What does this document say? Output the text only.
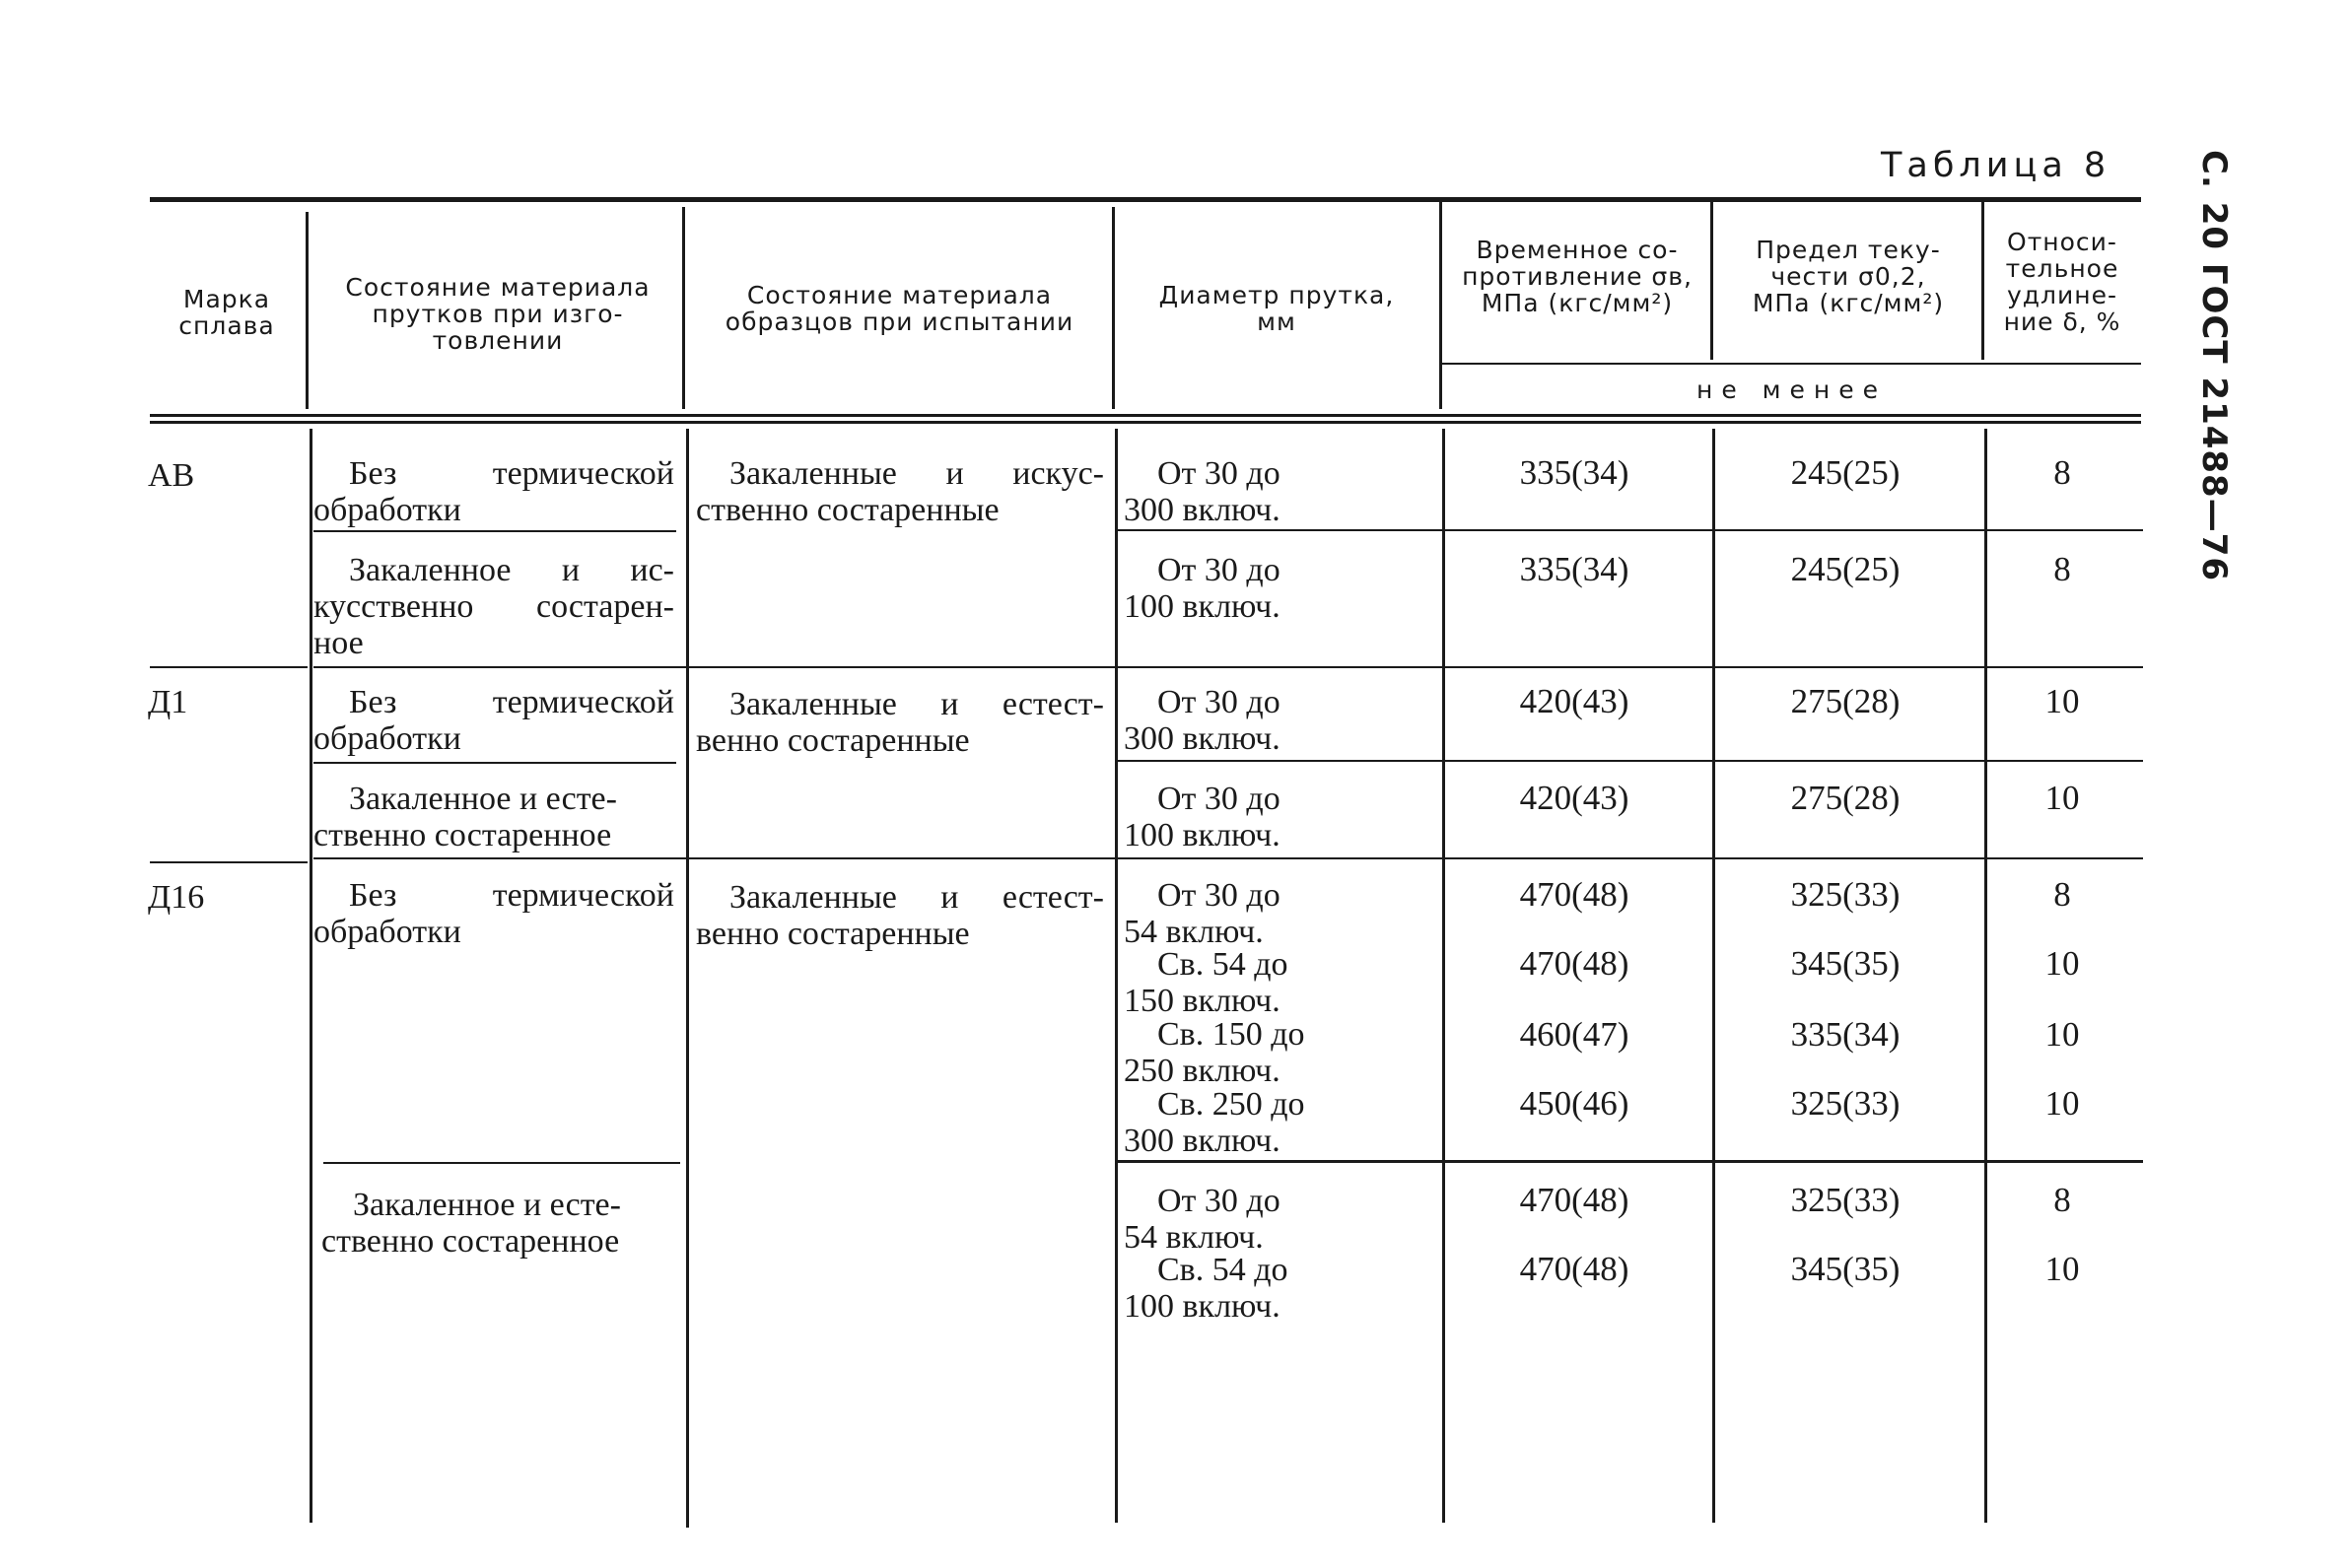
С. 20 ГОСТ 21488—76
Таблица 8
Марка
сплава
Состояние материала
прутков при изго-
товлении
Состояние материала
образцов при испытании
Диаметр прутка,
мм
Временное со-
противление σв,
МПа (кгс/мм²)
Предел теку-
чести σ0,2,
МПа (кгс/мм²)
Относи-
тельное
удлине-
ние δ, %
не менее
АВ
Д1
Д16
Без термической
обработки
Закаленное и ис-
кусственно состарен-
ное
Без термической
обработки
Закаленное и есте-
ственно состаренное
Без термической
обработки
Закаленное и есте-
ственно состаренное
Закаленные и искус-
ственно состаренные
Закаленные и естест-
венно состаренные
Закаленные и естест-
венно состаренные
От 30 до
300 включ.
От 30 до
100 включ.
От 30 до
300 включ.
От 30 до
100 включ.
От 30 до
54 включ.
Св. 54 до
150 включ.
Св. 150 до
250 включ.
Св. 250 до
300 включ.
От 30 до
54 включ.
Св. 54 до
100 включ.
335(34)
335(34)
420(43)
420(43)
470(48)
470(48)
460(47)
450(46)
470(48)
470(48)
245(25)
245(25)
275(28)
275(28)
325(33)
345(35)
335(34)
325(33)
325(33)
345(35)
8
8
10
10
8
10
10
10
8
10
